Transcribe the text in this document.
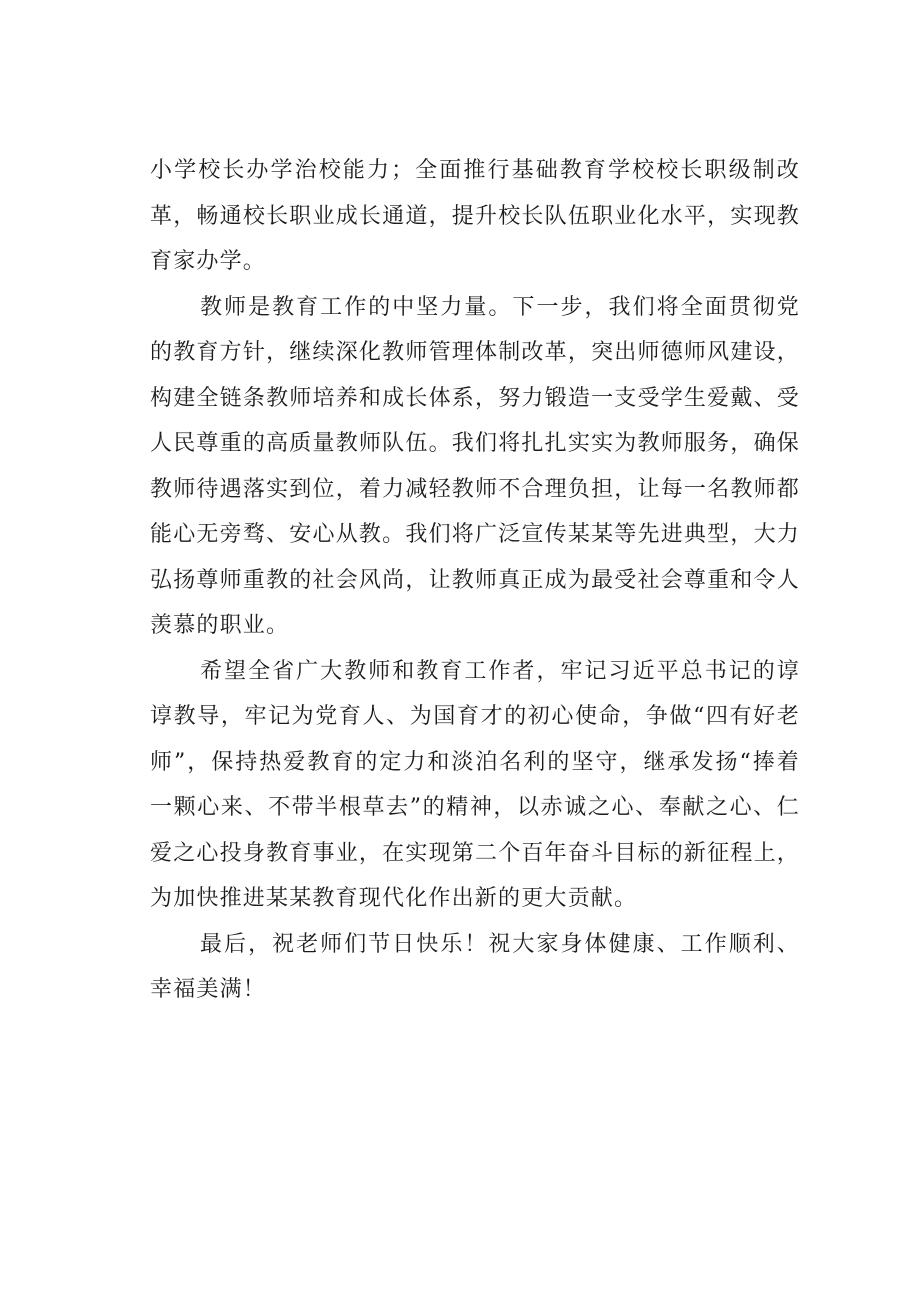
小学校长办学治校能力；全面推行基础教育学校校长职级制改革，畅通校长职业成长通道，提升校长队伍职业化水平，实现教育家办学。

教师是教育工作的中坚力量。下一步，我们将全面贯彻党的教育方针，继续深化教师管理体制改革，突出师德师风建设，构建全链条教师培养和成长体系，努力锻造一支受学生爱戴、受人民尊重的高质量教师队伍。我们将扎扎实实为教师服务，确保教师待遇落实到位，着力减轻教师不合理负担，让每一名教师都能心无旁骛、安心从教。我们将广泛宣传某某等先进典型，大力弘扬尊师重教的社会风尚，让教师真正成为最受社会尊重和令人羡慕的职业。

希望全省广大教师和教育工作者，牢记习近平总书记的谆谆教导，牢记为党育人、为国育才的初心使命，争做“四有好老师”，保持热爱教育的定力和淡泊名利的坚守，继承发扬“捧着一颗心来、不带半根草去”的精神，以赤诚之心、奉献之心、仁爱之心投身教育事业，在实现第二个百年奋斗目标的新征程上，为加快推进某某教育现代化作出新的更大贡献。

最后，祝老师们节日快乐！祝大家身体健康、工作顺利、幸福美满！
